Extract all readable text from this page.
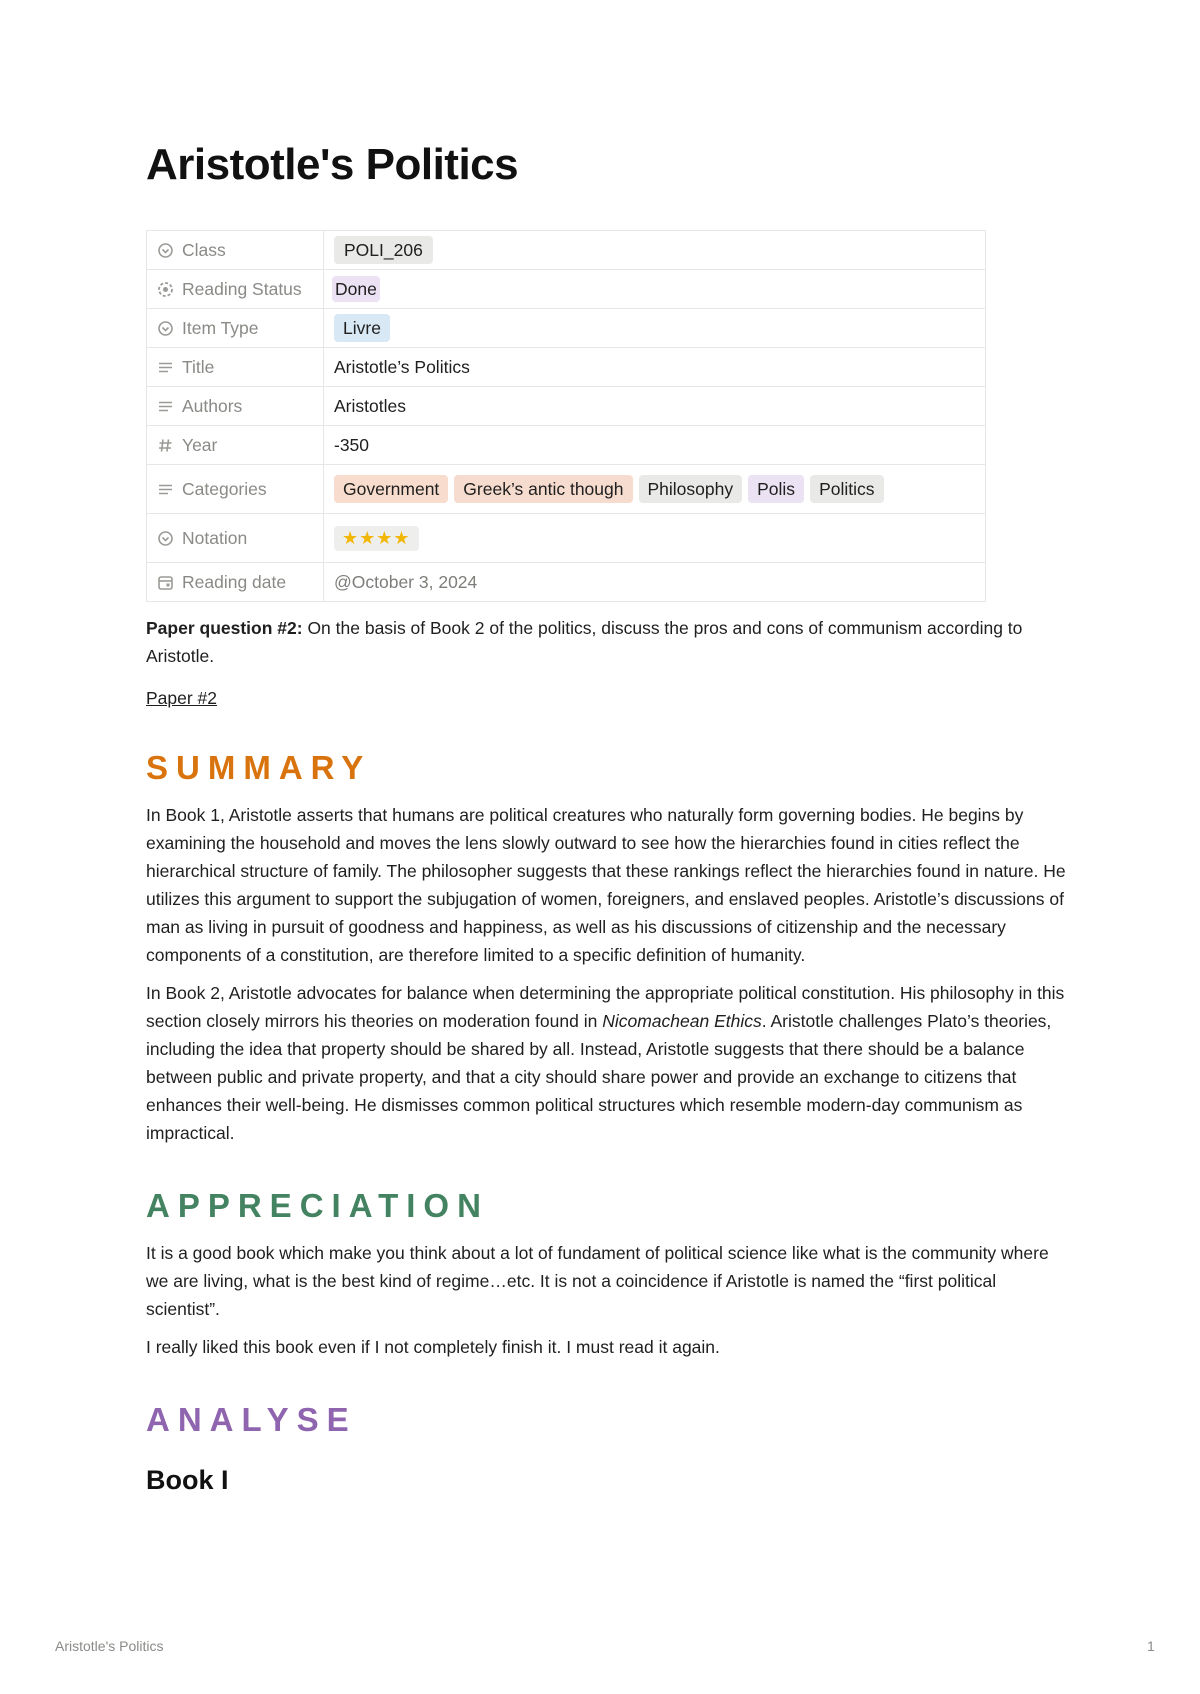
Aristotle's Politics
Class	POLI_206

Reading Status	Done

Item Type	Livre

Title	Aristotle’s Politics

Authors	Aristotles

Year	-350

Categories	Government Greek’s antic though Philosophy Polis Politics

Notation	★★★★

Reading date	@October 3, 2024

Paper question #2: On the basis of Book 2 of the politics, discuss the pros and cons of communism according to Aristotle.

Paper #2
SUMMARY

In Book 1, Aristotle asserts that humans are political creatures who naturally form governing bodies. He begins by examining the household and moves the lens slowly outward to see how the hierarchies found in cities reflect the hierarchical structure of family. The philosopher suggests that these rankings reflect the hierarchies found in nature. He utilizes this argument to support the subjugation of women, foreigners, and enslaved peoples. Aristotle’s discussions of man as living in pursuit of goodness and happiness, as well as his discussions of citizenship and the necessary components of a constitution, are therefore limited to a specific definition of humanity.

In Book 2, Aristotle advocates for balance when determining the appropriate political constitution. His philosophy in this section closely mirrors his theories on moderation found in Nicomachean Ethics. Aristotle challenges Plato’s theories, including the idea that property should be shared by all. Instead, Aristotle suggests that there should be a balance between public and private property, and that a city should share power and provide an exchange to citizens that enhances their well-being. He dismisses common political structures which resemble modern-day communism as impractical.

APPRECIATION

It is a good book which make you think about a lot of fundament of political science like what is the community where we are living, what is the best kind of regime…etc. It is not a coincidence if Aristotle is named the “first political scientist”.

I really liked this book even if I not completely finish it. I must read it again.

ANALYSE
Book I
Aristotle's Politics	1
